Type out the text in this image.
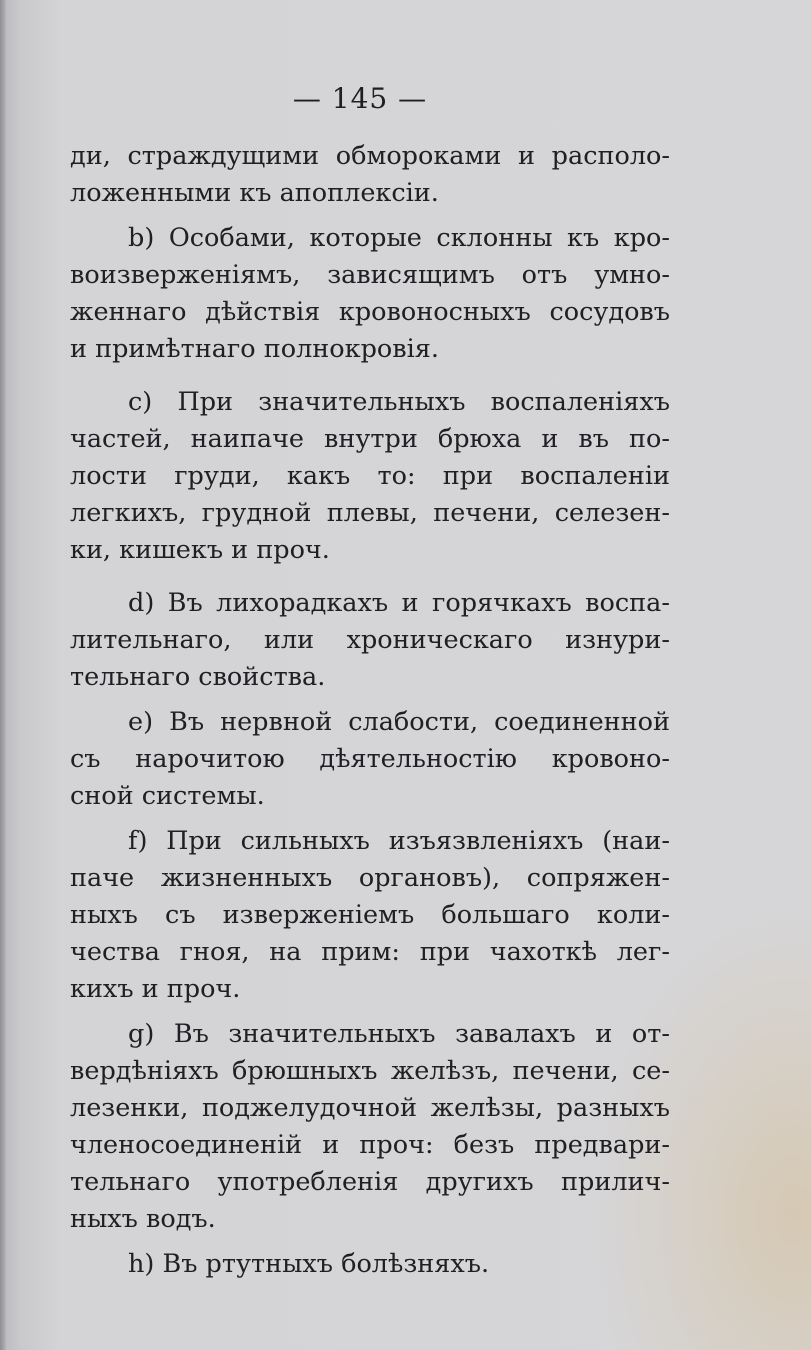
— 145 —
ди, страждущими обмороками и располо-
ложенными къ апоплексіи.
b) Особами, которые склонны къ кро-
воизверженіямъ, зависящимъ отъ умно-
женнаго дѣйствія кровоносныхъ сосудовъ
и примѣтнаго полнокровія.
c) При значительныхъ воспаленіяхъ
частей, наипаче внутри брюха и въ по-
лости груди, какъ то: при воспаленіи
легкихъ, грудной плевы, печени, селезен-
ки, кишекъ и проч.
d) Въ лихорадкахъ и горячкахъ воспа-
лительнаго, или хроническаго изнури-
тельнаго свойства.
e) Въ нервной слабости, соединенной
съ нарочитою дѣятельностію кровоно-
сной системы.
f) При сильныхъ изъязвленіяхъ (наи-
паче жизненныхъ органовъ), сопряжен-
ныхъ съ изверженіемъ большаго коли-
чества гноя, на прим: при чахоткѣ лег-
кихъ и проч.
g) Въ значительныхъ завалахъ и от-
вердѣніяхъ брюшныхъ желѣзъ, печени, се-
лезенки, поджелудочной желѣзы, разныхъ
членосоединеній и проч: безъ предвари-
тельнаго употребленія другихъ прилич-
ныхъ водъ.
h) Въ ртутныхъ болѣзняхъ.
